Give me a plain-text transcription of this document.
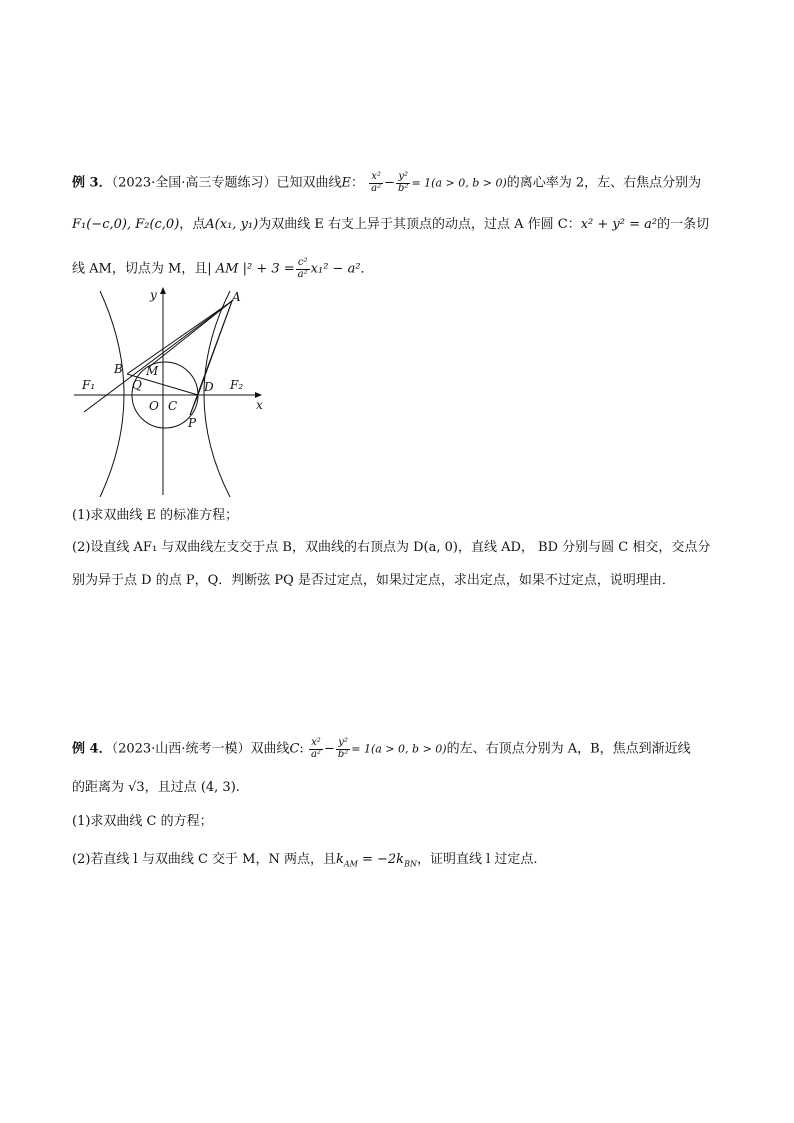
例 3．（2023·全国·高三专题练习）已知双曲线E： $\frac{\text{x²}}{\text{a²}} - \frac{\text{y²}}{\text{b²}} = 1(a > 0$, b > 0)的离心率为 2，左、右焦点分别为
F₁(−c,0), F₂(c,0)，点A(x₁, y₁)为双曲线 E 右支上异于其顶点的动点，过点 A 作圆 C：x² + y² = a²的一条切
线 AM，切点为 M，且| AM $|^2 + 3 = \frac{\text{c²}}{\text{a²}} x_1^2 - a^2$．
y
x
A
B M
Q	D
O C
P
F₁	F₂
(1)求双曲线 E 的标准方程；
(2)设直线 AF₁ 与双曲线左支交于点 B，双曲线的右顶点为 D(a, 0)，直线 AD， BD 分别与圆 C 相交，交点分
别为异于点 D 的点 P，Q．判断弦 PQ 是否过定点，如果过定点，求出定点，如果不过定点，说明理由．
例 4．（2023·山西·统考一模）双曲线C: $\frac{\text{x²}}{\text{a²}} - \frac{\text{y²}}{\text{b²}} = 1(a > 0$, b > 0)的左、右顶点分别为 A，B，焦点到渐近线
的距离为 √3，且过点 (4, 3).
(1)求双曲线 C 的方程；
(2)若直线 l 与双曲线 C 交于 M，N 两点，且$k_{AM} = -2k_{BN}$，证明直线 l 过定点.
